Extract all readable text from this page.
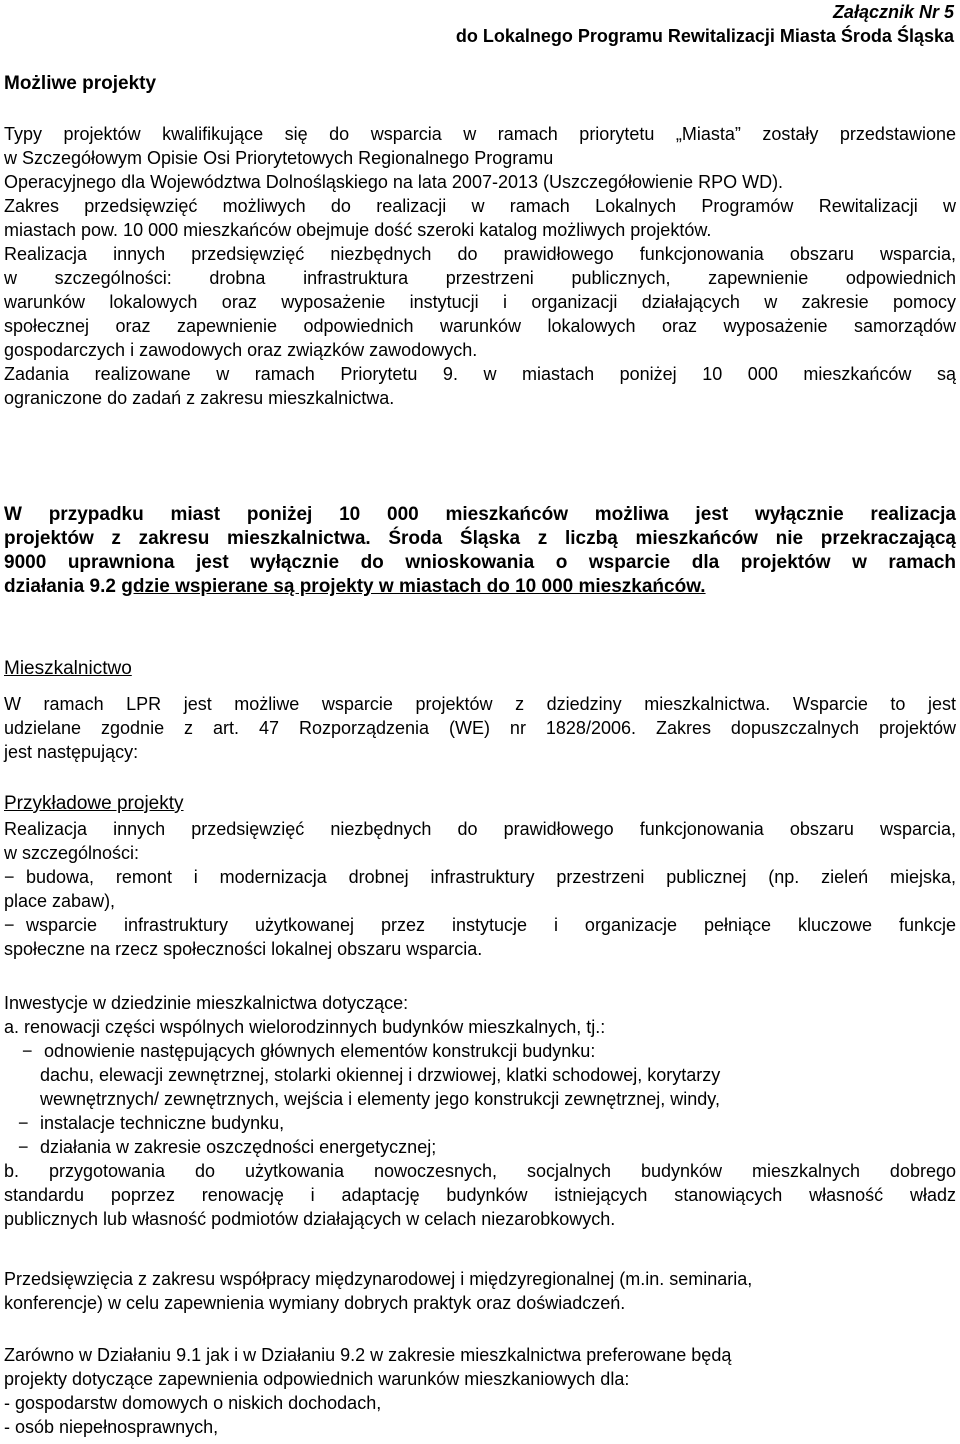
Załącznik Nr 5
do Lokalnego Programu Rewitalizacji Miasta Środa Śląska
Możliwe projekty
Typy projektów kwalifikujące się do wsparcia w ramach priorytetu „Miasta” zostały przedstawione
w Szczegółowym Opisie Osi Priorytetowych Regionalnego Programu
Operacyjnego dla Województwa Dolnośląskiego na lata 2007-2013 (Uszczegółowienie RPO WD).
Zakres przedsięwzięć możliwych do realizacji w ramach Lokalnych Programów Rewitalizacji w
miastach pow. 10 000 mieszkańców obejmuje dość szeroki katalog możliwych projektów.
Realizacja innych przedsięwzięć niezbędnych do prawidłowego funkcjonowania obszaru wsparcia,
w szczególności: drobna infrastruktura przestrzeni publicznych, zapewnienie odpowiednich
warunków lokalowych oraz wyposażenie instytucji i organizacji działających w zakresie pomocy
społecznej oraz zapewnienie odpowiednich warunków lokalowych oraz wyposażenie samorządów
gospodarczych i zawodowych oraz związków zawodowych.
Zadania realizowane w ramach Priorytetu 9. w miastach poniżej 10 000 mieszkańców są
ograniczone do zadań z zakresu mieszkalnictwa.
W przypadku miast poniżej 10 000 mieszkańców możliwa jest wyłącznie realizacja
projektów z zakresu mieszkalnictwa. Środa Śląska z liczbą mieszkańców nie przekraczającą
9000 uprawniona jest wyłącznie do wnioskowania o wsparcie dla projektów w ramach
działania 9.2 gdzie wspierane są projekty w miastach do 10 000 mieszkańców.
Mieszkalnictwo
W ramach LPR jest możliwe wsparcie projektów z dziedziny mieszkalnictwa. Wsparcie to jest
udzielane zgodnie z art. 47 Rozporządzenia (WE) nr 1828/2006. Zakres dopuszczalnych projektów
jest następujący:
Przykładowe projekty
Realizacja innych przedsięwzięć niezbędnych do prawidłowego funkcjonowania obszaru wsparcia,
w szczególności:
− budowa, remont i modernizacja drobnej infrastruktury przestrzeni publicznej (np. zieleń miejska,
place zabaw),
− wsparcie infrastruktury użytkowanej przez instytucje i organizacje pełniące kluczowe funkcje
społeczne na rzecz społeczności lokalnej obszaru wsparcia.
Inwestycje w dziedzinie mieszkalnictwa dotyczące:
a. renowacji części wspólnych wielorodzinnych budynków mieszkalnych, tj.:
− odnowienie następujących głównych elementów konstrukcji budynku:
dachu, elewacji zewnętrznej, stolarki okiennej i drzwiowej, klatki schodowej, korytarzy
wewnętrznych/ zewnętrznych, wejścia i elementy jego konstrukcji zewnętrznej, windy,
− instalacje techniczne budynku,
− działania w zakresie oszczędności energetycznej;
b. przygotowania do użytkowania nowoczesnych, socjalnych budynków mieszkalnych dobrego
standardu poprzez renowację i adaptację budynków istniejących stanowiących własność władz
publicznych lub własność podmiotów działających w celach niezarobkowych.
Przedsięwzięcia z zakresu współpracy międzynarodowej i międzyregionalnej (m.in. seminaria,
konferencje) w celu zapewnienia wymiany dobrych praktyk oraz doświadczeń.
Zarówno w Działaniu 9.1 jak i w Działaniu 9.2 w zakresie mieszkalnictwa preferowane będą
projekty dotyczące zapewnienia odpowiednich warunków mieszkaniowych dla:
- gospodarstw domowych o niskich dochodach,
- osób niepełnosprawnych,
